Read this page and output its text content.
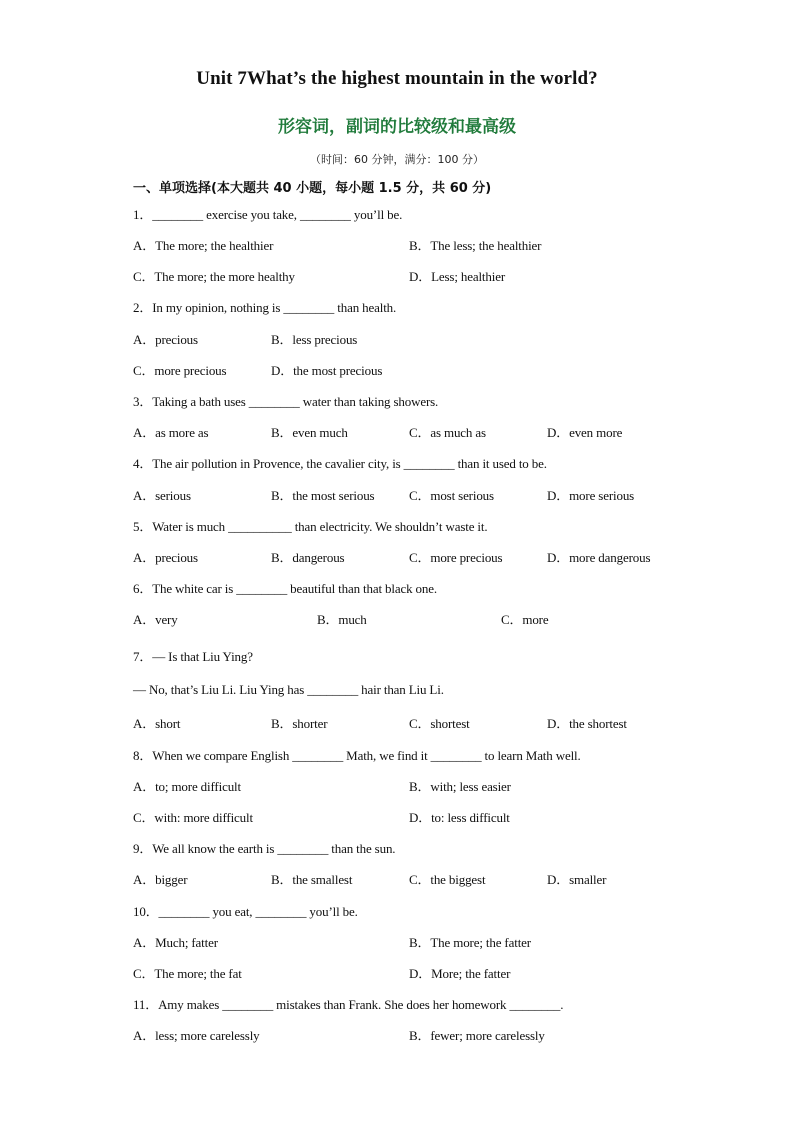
Unit 7What’s the highest mountain in the world?
形容词，副词的比较级和最高级
（时间：60 分钟，满分：100 分）
一、单项选择(本大题共 40 小题，每小题 1.5 分，共 60 分)
1．________ exercise you take, ________ you’ll be.
A．The more; the healthier	B．The less; the healthier
C．The more; the more healthy	D．Less; healthier
2．In my opinion, nothing is ________ than health.
A．precious	B．less precious
C．more precious	D．the most precious
3．Taking a bath uses ________ water than taking showers.
A．as more as	B．even much	C．as much as	D．even more
4．The air pollution in Provence, the cavalier city, is ________ than it used to be.
A．serious	B．the most serious	C．most serious	D．more serious
5．Water is much __________ than electricity. We shouldn’t waste it.
A．precious	B．dangerous	C．more precious	D．more dangerous
6．The white car is ________ beautiful than that black one.
A．very	B．much	C．more
7．— Is that Liu Ying?
— No, that’s Liu Li. Liu Ying has ________ hair than Liu Li.
A．short	B．shorter	C．shortest	D．the shortest
8．When we compare English ________ Math, we find it ________ to learn Math well.
A．to; more difficult	B．with; less easier
C．with: more difficult	D．to: less difficult
9．We all know the earth is ________ than the sun.
A．bigger	B．the smallest	C．the biggest	D．smaller
10．________ you eat, ________ you’ll be.
A．Much; fatter	B．The more; the fatter
C．The more; the fat	D．More; the fatter
11．Amy makes ________ mistakes than Frank. She does her homework ________.
A．less; more carelessly	B．fewer; more carelessly
